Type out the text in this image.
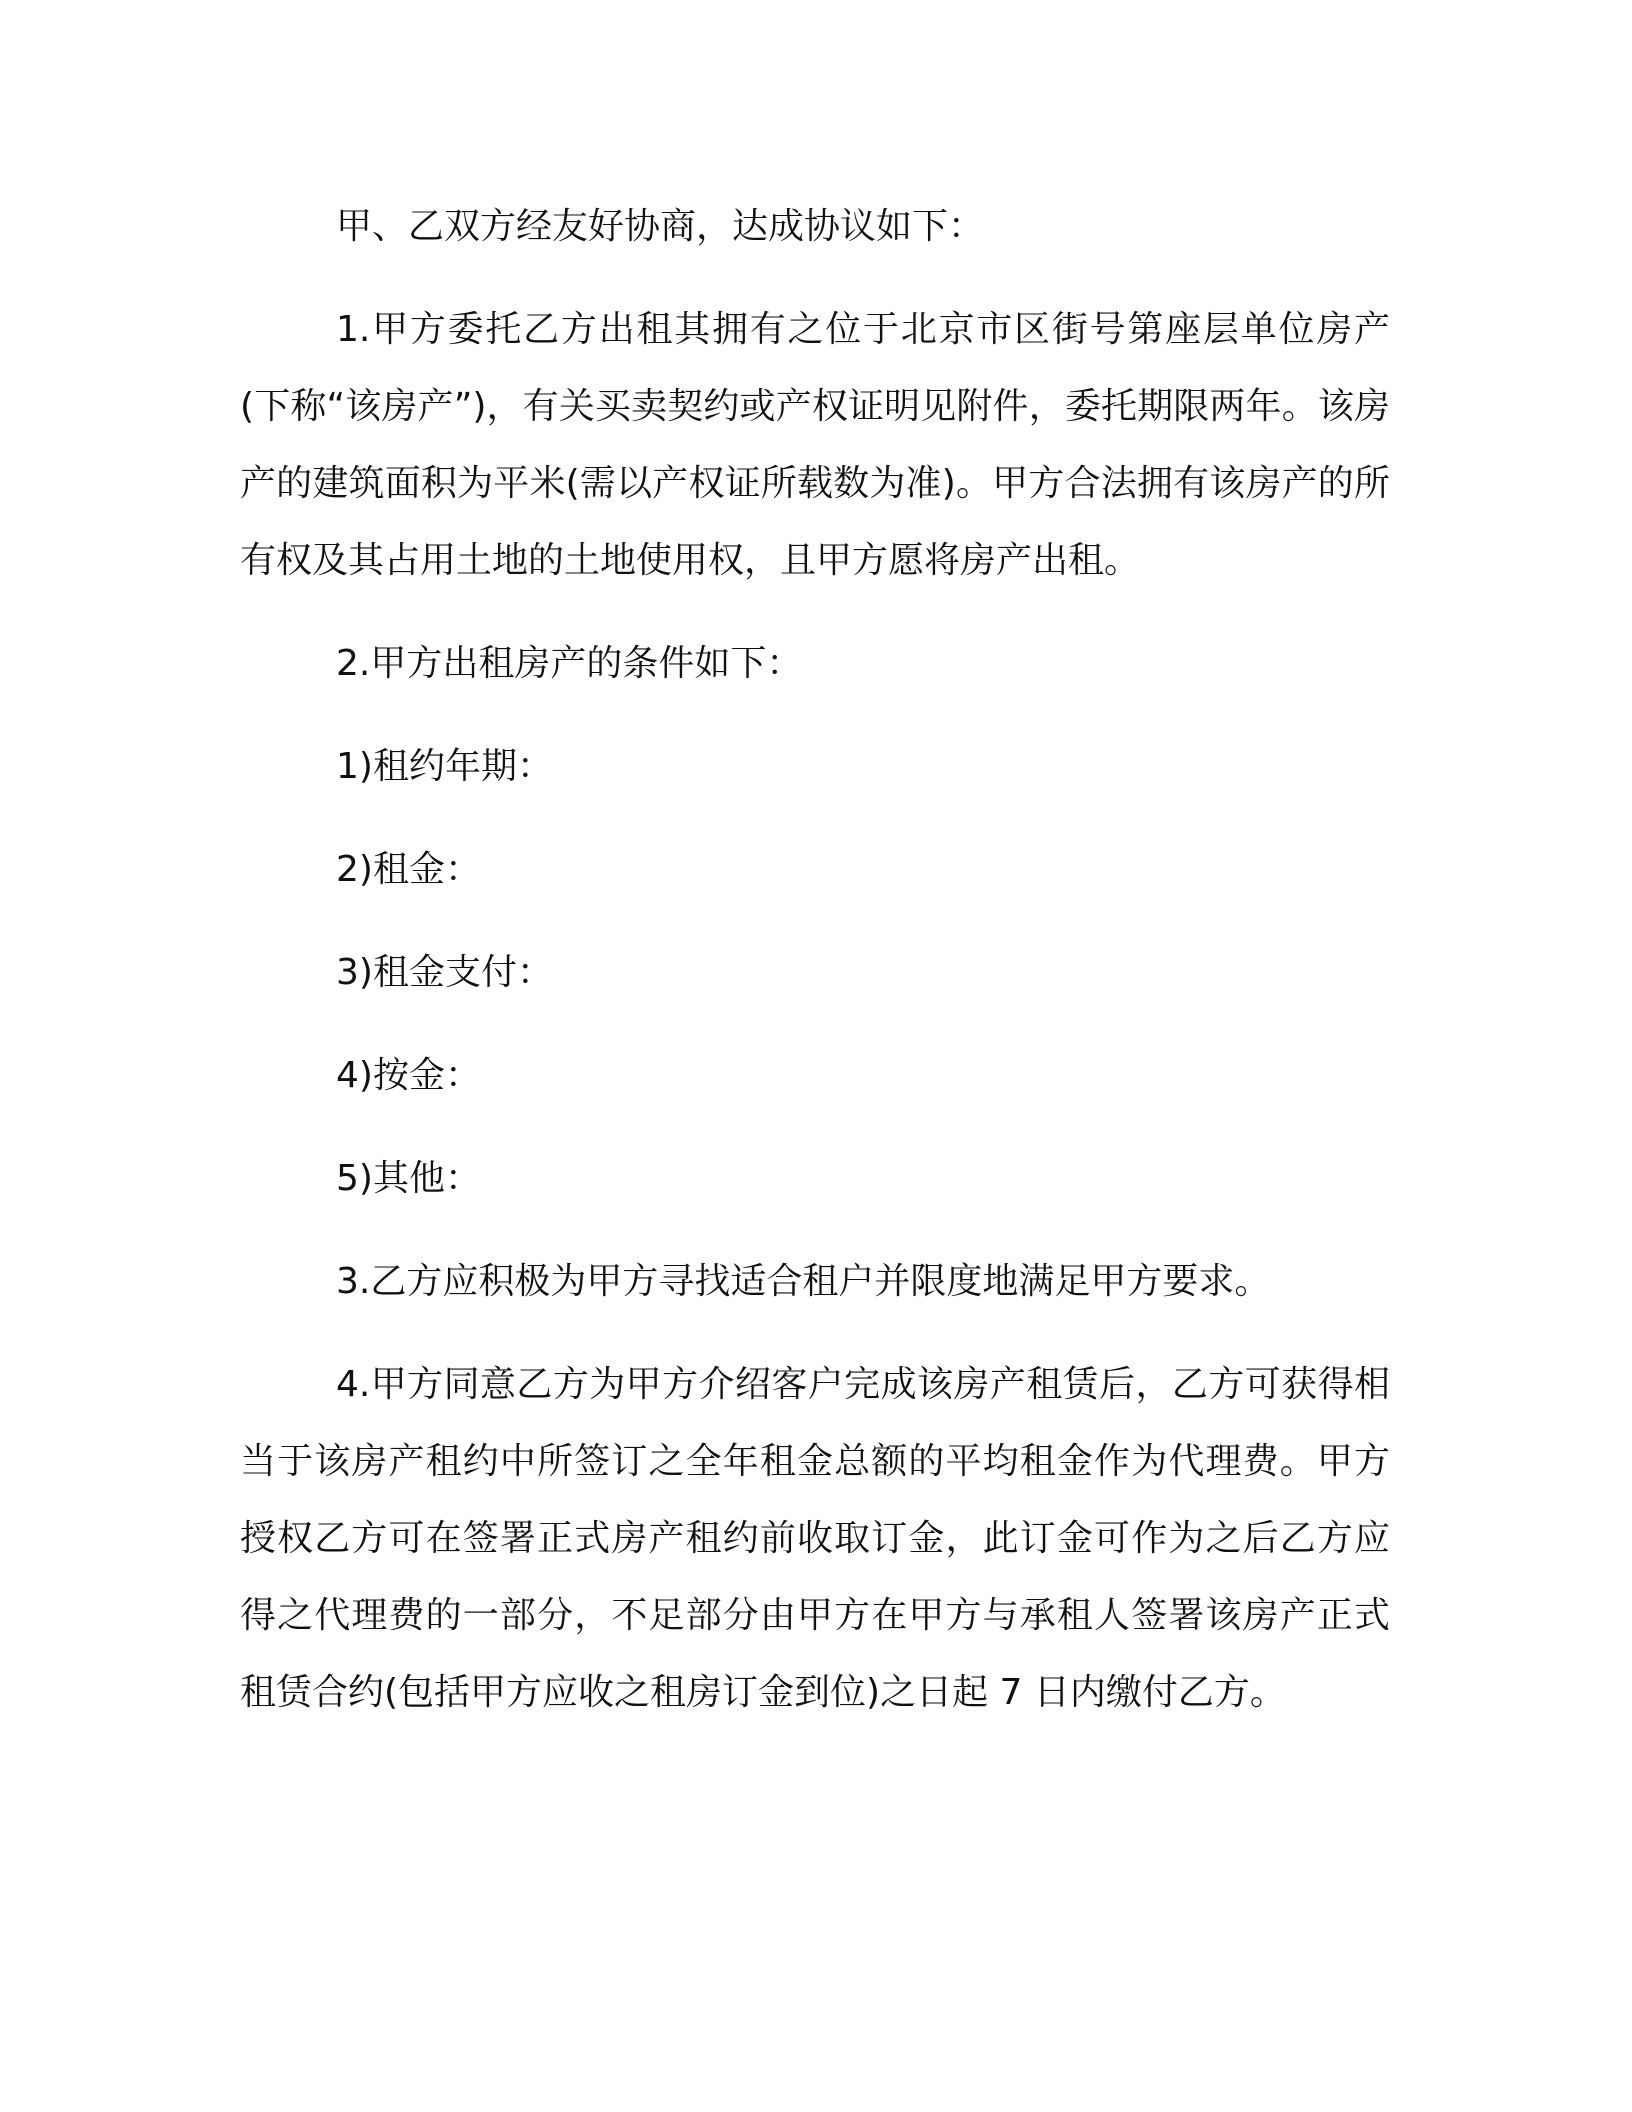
甲、乙双方经友好协商，达成协议如下：

1.甲方委托乙方出租其拥有之位于北京市区街号第座层单位房产(下称“该房产”)，有关买卖契约或产权证明见附件，委托期限两年。该房产的建筑面积为平米(需以产权证所载数为准)。甲方合法拥有该房产的所有权及其占用土地的土地使用权，且甲方愿将房产出租。

2.甲方出租房产的条件如下：

1)租约年期：

2)租金：

3)租金支付：

4)按金：

5)其他：

3.乙方应积极为甲方寻找适合租户并限度地满足甲方要求。

4.甲方同意乙方为甲方介绍客户完成该房产租赁后，乙方可获得相当于该房产租约中所签订之全年租金总额的平均租金作为代理费。甲方授权乙方可在签署正式房产租约前收取订金，此订金可作为之后乙方应得之代理费的一部分，不足部分由甲方在甲方与承租人签署该房产正式租赁合约(包括甲方应收之租房订金到位)之日起 7 日内缴付乙方。
